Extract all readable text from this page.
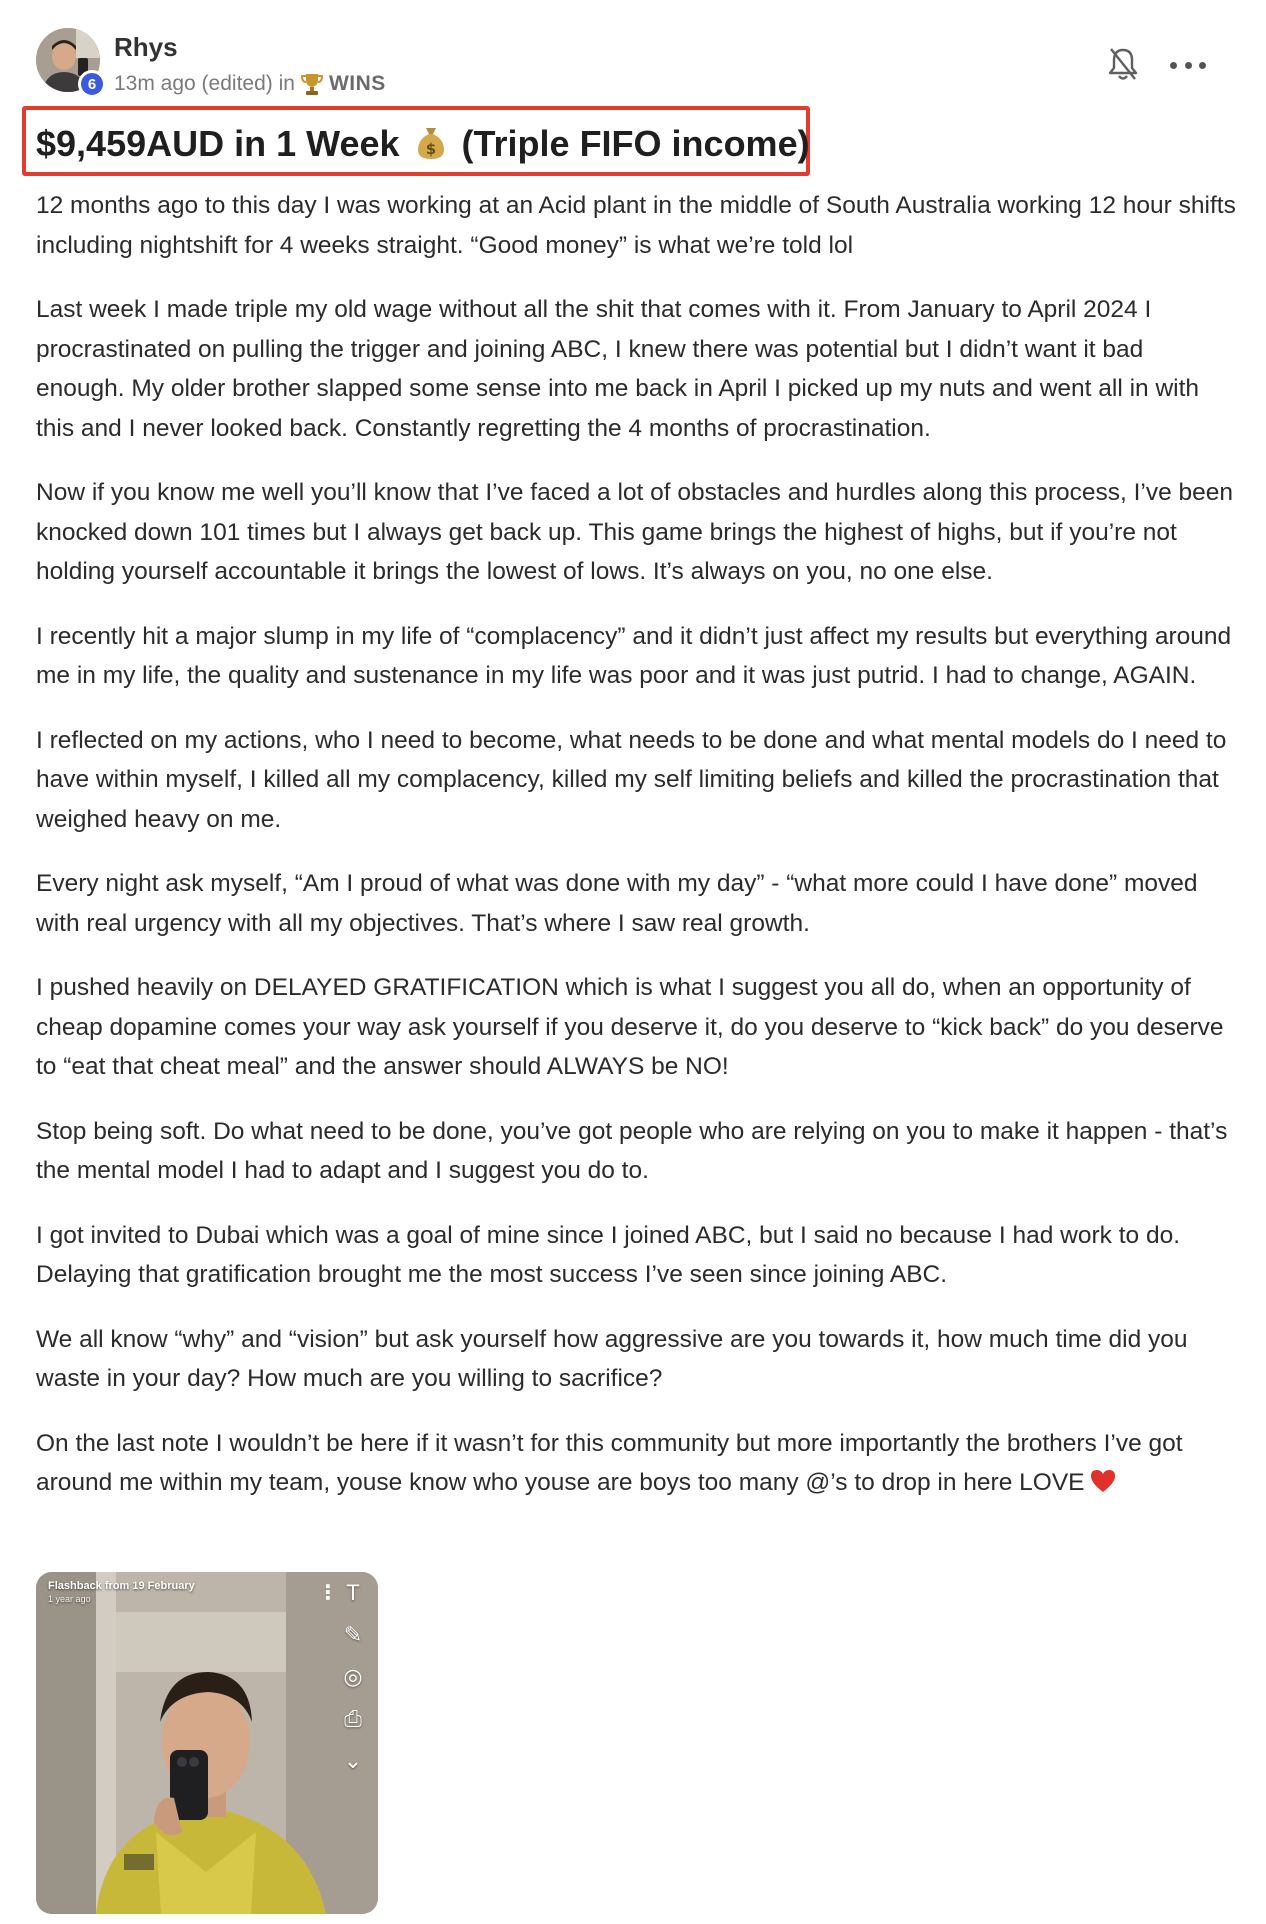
6
Rhys
13m ago (edited) in WINS
$9,459AUD in 1 Week $ (Triple FIFO income)

12 months ago to this day I was working at an Acid plant in the middle of South Australia working 12 hour shifts including nightshift for 4 weeks straight. “Good money” is what we’re told lol

Last week I made triple my old wage without all the shit that comes with it. From January to April 2024 I procrastinated on pulling the trigger and joining ABC, I knew there was potential but I didn’t want it bad enough. My older brother slapped some sense into me back in April I picked up my nuts and went all in with this and I never looked back. Constantly regretting the 4 months of procrastination.

Now if you know me well you’ll know that I’ve faced a lot of obstacles and hurdles along this process, I’ve been knocked down 101 times but I always get back up. This game brings the highest of highs, but if you’re not holding yourself accountable it brings the lowest of lows. It’s always on you, no one else.

I recently hit a major slump in my life of “complacency” and it didn’t just affect my results but everything around me in my life, the quality and sustenance in my life was poor and it was just putrid. I had to change, AGAIN.

I reflected on my actions, who I need to become, what needs to be done and what mental models do I need to have within myself, I killed all my complacency, killed my self limiting beliefs and killed the procrastination that weighed heavy on me.

Every night ask myself, “Am I proud of what was done with my day” - “what more could I have done” moved with real urgency with all my objectives. That’s where I saw real growth.

I pushed heavily on DELAYED GRATIFICATION which is what I suggest you all do, when an opportunity of cheap dopamine comes your way ask yourself if you deserve it, do you deserve to “kick back” do you deserve to “eat that cheat meal” and the answer should ALWAYS be NO!

Stop being soft. Do what need to be done, you’ve got people who are relying on you to make it happen - that’s the mental model I had to adapt and I suggest you do to.

I got invited to Dubai which was a goal of mine since I joined ABC, but I said no because I had work to do. Delaying that gratification brought me the most success I’ve seen since joining ABC.

We all know “why” and “vision” but ask yourself how aggressive are you towards it, how much time did you waste in your day? How much are you willing to sacrifice?

On the last note I wouldn’t be here if it wasn’t for this community but more importantly the brothers I’ve got around me within my team, youse know who youse are boys too many @’s to drop in here LOVE

Flashback from 19 February
1 year ago	⋮ T
✎
◎
⎙
⌄
